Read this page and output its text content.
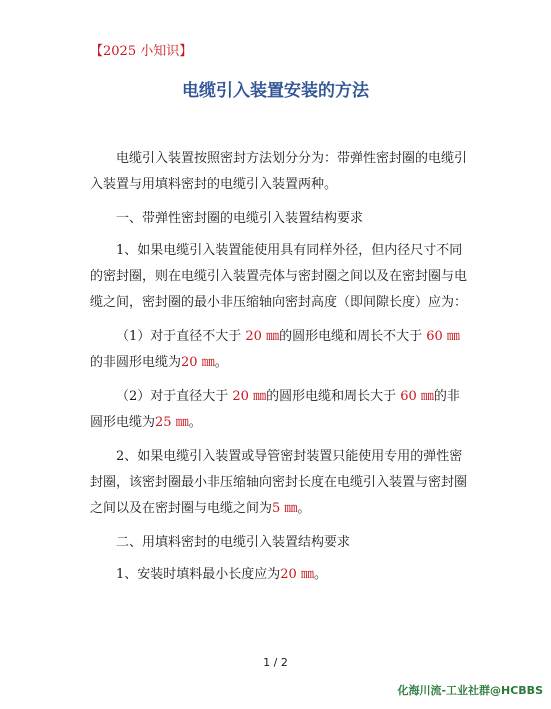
【2025 小知识】
电缆引入装置安装的方法

电缆引入装置按照密封方法划分分为：带弹性密封圈的电缆引入装置与用填料密封的电缆引入装置两种。

一、带弹性密封圈的电缆引入装置结构要求

1、如果电缆引入装置能使用具有同样外径，但内径尺寸不同的密封圈，则在电缆引入装置壳体与密封圈之间以及在密封圈与电缆之间，密封圈的最小非压缩轴向密封高度（即间隙长度）应为：

（1）对于直径不大于 20 ㎜的圆形电缆和周长不大于 60 ㎜的非圆形电缆为20 ㎜。

（2）对于直径大于 20 ㎜的圆形电缆和周长大于 60 ㎜的非圆形电缆为25 ㎜。

2、如果电缆引入装置或导管密封装置只能使用专用的弹性密封圈，该密封圈最小非压缩轴向密封长度在电缆引入装置与密封圈之间以及在密封圈与电缆之间为5 ㎜。

二、用填料密封的电缆引入装置结构要求

1、安装时填料最小长度应为20 ㎜。

1 / 2
化海川流-工业社群@HCBBS
